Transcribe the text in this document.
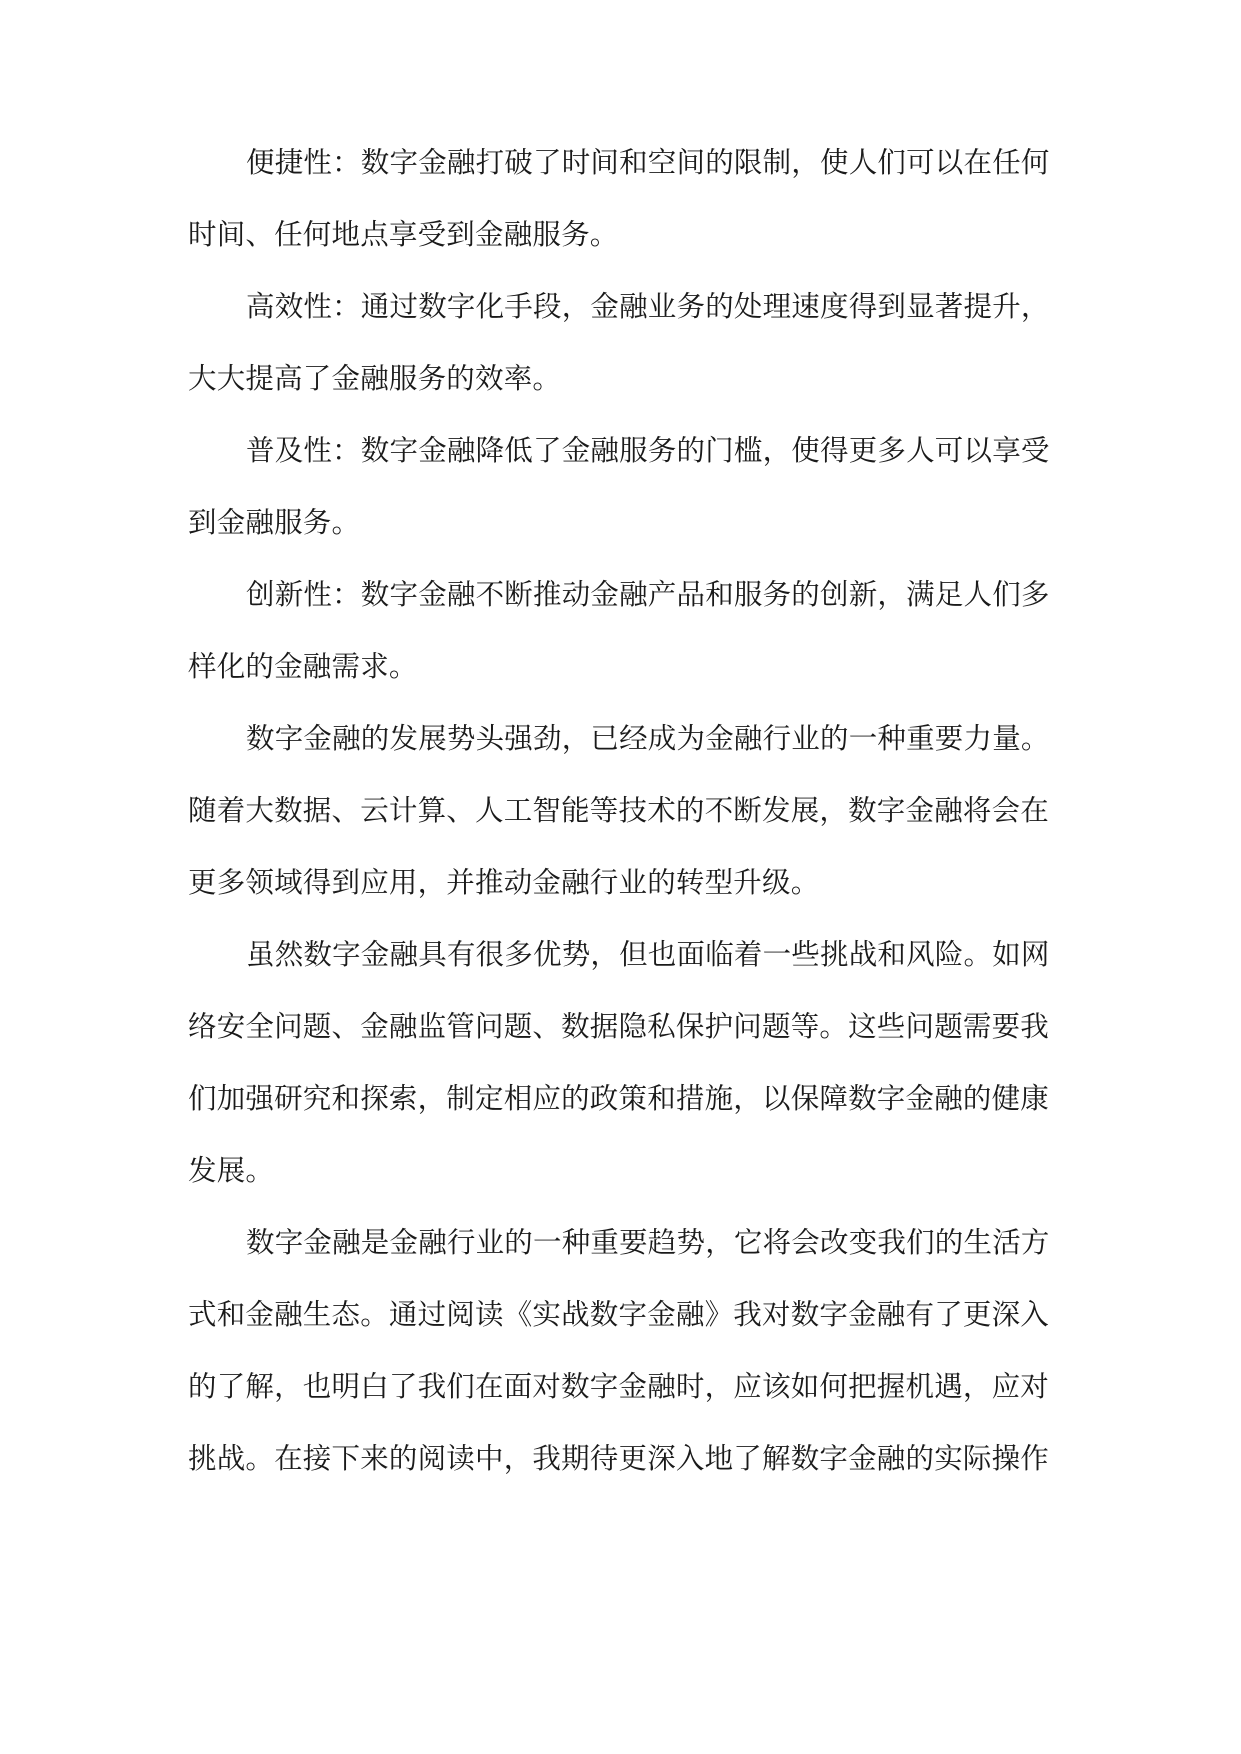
便捷性：数字金融打破了时间和空间的限制，使人们可以在任何
时间、任何地点享受到金融服务。
高效性：通过数字化手段，金融业务的处理速度得到显著提升，
大大提高了金融服务的效率。
普及性：数字金融降低了金融服务的门槛，使得更多人可以享受
到金融服务。
创新性：数字金融不断推动金融产品和服务的创新，满足人们多
样化的金融需求。
数字金融的发展势头强劲，已经成为金融行业的一种重要力量。
随着大数据、云计算、人工智能等技术的不断发展，数字金融将会在
更多领域得到应用，并推动金融行业的转型升级。
虽然数字金融具有很多优势，但也面临着一些挑战和风险。如网
络安全问题、金融监管问题、数据隐私保护问题等。这些问题需要我
们加强研究和探索，制定相应的政策和措施，以保障数字金融的健康
发展。
数字金融是金融行业的一种重要趋势，它将会改变我们的生活方
式和金融生态。通过阅读《实战数字金融》我对数字金融有了更深入
的了解，也明白了我们在面对数字金融时，应该如何把握机遇，应对
挑战。在接下来的阅读中，我期待更深入地了解数字金融的实际操作
